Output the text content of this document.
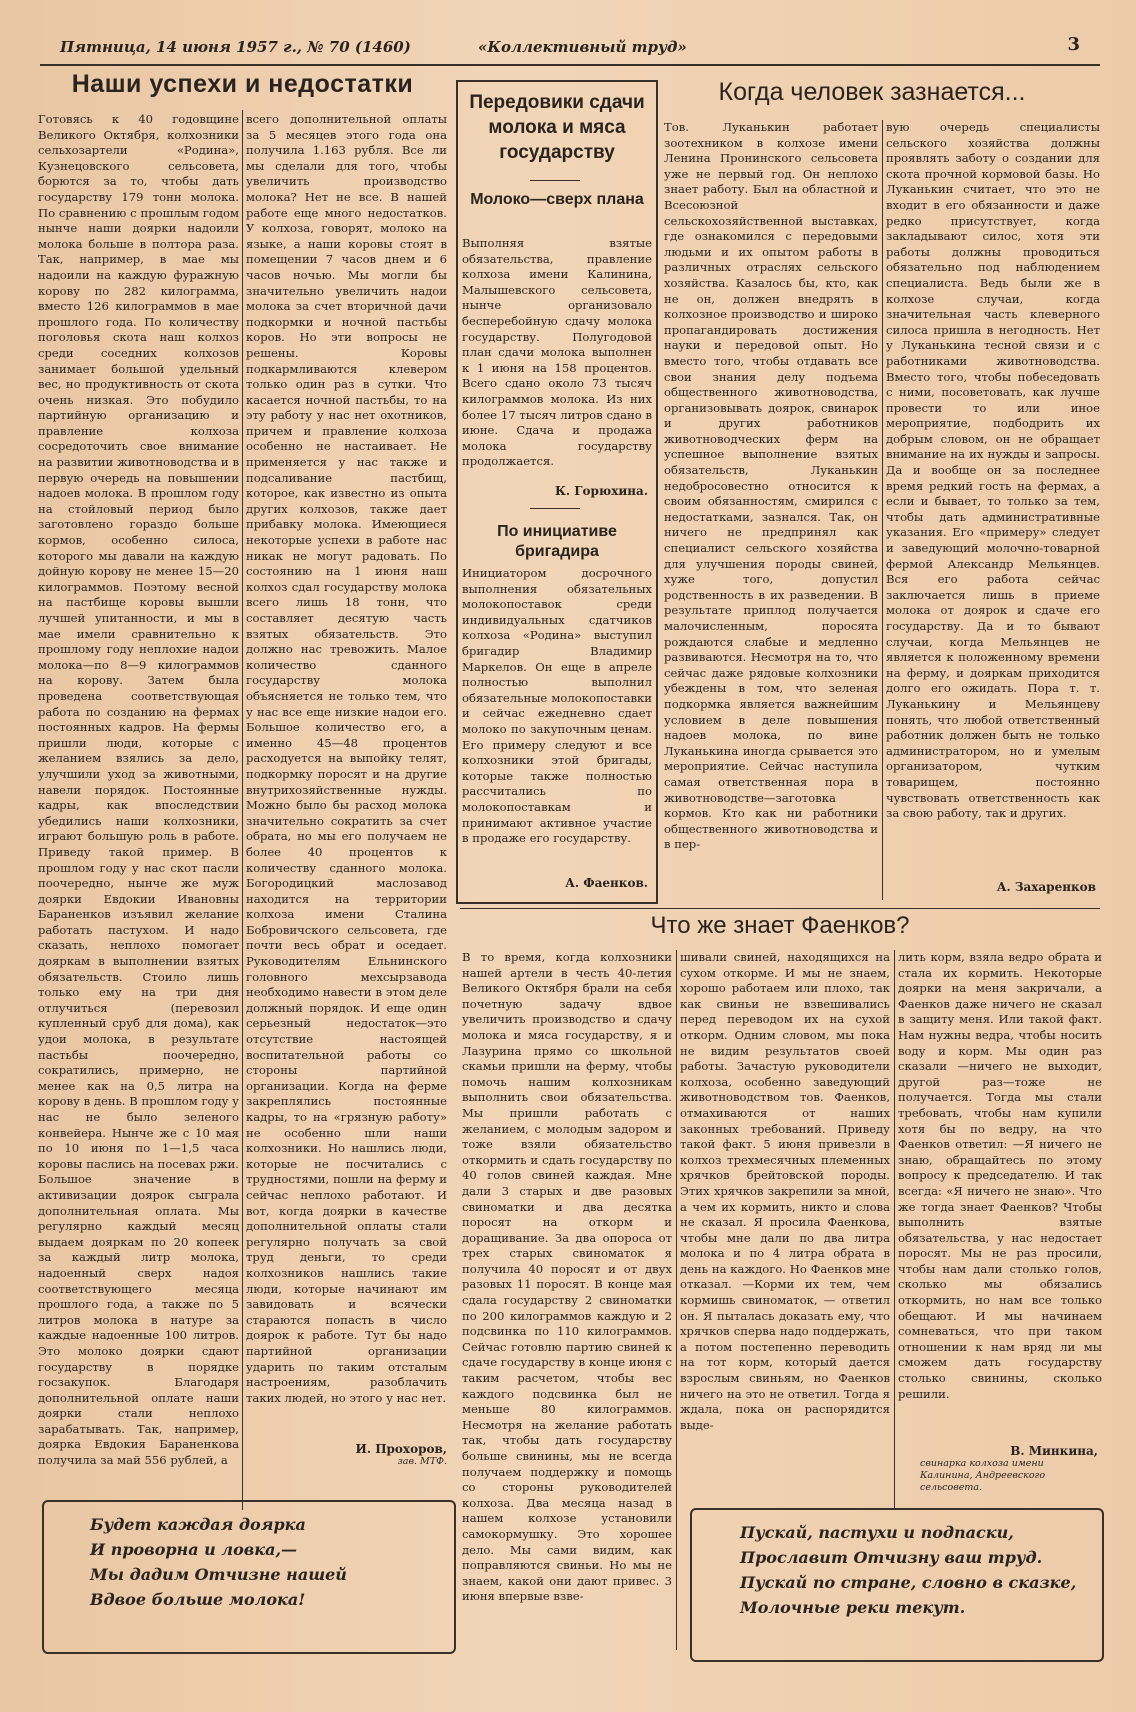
Пятница, 14 июня 1957 г., № 70 (1460)	«Коллективный труд»	3
Наши успехи и недостатки
Готовясь к 40 годовщине Великого Октября, колхозники сельхозартели «Родина», Кузнецовского сельсовета, борются за то, чтобы дать государству 179 тонн молока. По сравнению с прошлым годом нынче наши доярки надоили молока больше в полтора раза. Так, например, в мае мы надоили на каждую фуражную корову по 282 килограмма, вместо 126 килограммов в мае прошлого года. По количеству поголовья скота наш колхоз среди соседних колхозов занимает большой удельный вес, но продуктивность от скота очень низкая. Это побудило партийную организацию и правление колхоза сосредоточить свое внимание на развитии животноводства и в первую очередь на повышении надоев молока. В прошлом году на стойловый период было заготовлено гораздо больше кормов, особенно силоса, которого мы давали на каждую дойную корову не менее 15—20 килограммов. Поэтому весной на пастбище коровы вышли лучшей упитанности, и мы в мае имели сравнительно к прошлому году неплохие надои молока—по 8—9 килограммов на корову. Затем была проведена соответствующая работа по созданию на фермах постоянных кадров. На фермы пришли люди, которые с желанием взялись за дело, улучшили уход за животными, навели порядок. Постоянные кадры, как впоследствии убедились наши колхозники, играют большую роль в работе. Приведу такой пример. В прошлом году у нас скот пасли поочередно, нынче же муж доярки Евдокии Ивановны Бараненков изъявил желание работать пастухом. И надо сказать, неплохо помогает дояркам в выполнении взятых обязательств. Стоило лишь только ему на три дня отлучиться (перевозил купленный сруб для дома), как удои молока, в результате пастьбы поочередно, сократились, примерно, не менее как на 0,5 литра на корову в день. В прошлом году у нас не было зеленого конвейера. Нынче же с 10 мая по 10 июня по 1—1,5 часа коровы паслись на посевах ржи. Большое значение в активизации доярок сыграла дополнительная оплата. Мы регулярно каждый месяц выдаем дояркам по 20 копеек за каждый литр молока, надоенный сверх надоя соответствующего месяца прошлого года, а также по 5 литров молока в натуре за каждые надоенные 100 литров. Это молоко доярки сдают государству в порядке госзакупок. Благодаря дополнительной оплате наши доярки стали неплохо зарабатывать. Так, например, доярка Евдокия Бараненкова получила за май 556 рублей, а
всего дополнительной оплаты за 5 месяцев этого года она получила 1.163 рубля. Все ли мы сделали для того, чтобы увеличить производство молока? Нет не все. В нашей работе еще много недостатков. У колхоза, говорят, молоко на языке, а наши коровы стоят в помещении 7 часов днем и 6 часов ночью. Мы могли бы значительно увеличить надои молока за счет вторичной дачи подкормки и ночной пастьбы коров. Но эти вопросы не решены. Коровы подкармливаются клевером только один раз в сутки. Что касается ночной пастьбы, то на эту работу у нас нет охотников, причем и правление колхоза особенно не настаивает. Не применяется у нас также и подсаливание пастбищ, которое, как известно из опыта других колхозов, также дает прибавку молока. Имеющиеся некоторые успехи в работе нас никак не могут радовать. По состоянию на 1 июня наш колхоз сдал государству молока всего лишь 18 тонн, что составляет десятую часть взятых обязательств. Это должно нас тревожить. Малое количество сданного государству молока объясняется не только тем, что у нас все еще низкие надои его. Большое количество его, а именно 45—48 процентов расходуется на выпойку телят, подкормку поросят и на другие внутрихозяйственные нужды. Можно было бы расход молока значительно сократить за счет обрата, но мы его получаем не более 40 процентов к количеству сданного молока. Богородицкий маслозавод находится на территории колхоза имени Сталина Бобровичского сельсовета, где почти весь обрат и оседает. Руководителям Ельнинского головного мехсырзавода необходимо навести в этом деле должный порядок. И еще один серьезный недостаток—это отсутствие настоящей воспитательной работы со стороны партийной организации. Когда на ферме закреплялись постоянные кадры, то на «грязную работу» не особенно шли наши колхозники. Но нашлись люди, которые не посчитались с трудностями, пошли на ферму и сейчас неплохо работают. И вот, когда доярки в качестве дополнительной оплаты стали регулярно получать за свой труд деньги, то среди колхозников нашлись такие люди, которые начинают им завидовать и всячески стараются попасть в число доярок к работе. Тут бы надо партийной организации ударить по таким отсталым настроениям, разоблачить таких людей, но этого у нас нет.
И. Прохоров,
зав. МТФ.
Передовики сдачи молока и мяса государству
Молоко—сверх плана
Выполняя взятые обязательства, правление колхоза имени Калинина, Малышевского сельсовета, нынче организовало бесперебойную сдачу молока государству. Полугодовой план сдачи молока выполнен к 1 июня на 158 процентов. Всего сдано около 73 тысяч килограммов молока. Из них более 17 тысяч литров сдано в июне. Сдача и продажа молока государству продолжается.
К. Горюхина.
По инициативе бригадира
Инициатором досрочного выполнения обязательных молокопоставок среди индивидуальных сдатчиков колхоза «Родина» выступил бригадир Владимир Маркелов. Он еще в апреле полностью выполнил обязательные молокопоставки и сейчас ежедневно сдает молоко по закупочным ценам. Его примеру следуют и все колхозники этой бригады, которые также полностью рассчитались по молокопоставкам и принимают активное участие в продаже его государству.
А. Фаенков.
Когда человек зазнается...
Тов. Луканькин работает зоотехником в колхозе имени Ленина Пронинского сельсовета уже не первый год. Он неплохо знает работу. Был на областной и Всесоюзной сельскохозяйственной выставках, где ознакомился с передовыми людьми и их опытом работы в различных отраслях сельского хозяйства. Казалось бы, кто, как не он, должен внедрять в колхозное производство и широко пропагандировать достижения науки и передовой опыт. Но вместо того, чтобы отдавать все свои знания делу подъема общественного животноводства, организовывать доярок, свинарок и других работников животноводческих ферм на успешное выполнение взятых обязательств, Луканькин недобросовестно относится к своим обязанностям, смирился с недостатками, зазнался. Так, он ничего не предпринял как специалист сельского хозяйства для улучшения породы свиней, хуже того, допустил родственность в их разведении. В результате приплод получается малочисленным, поросята рождаются слабые и медленно развиваются. Несмотря на то, что сейчас даже рядовые колхозники убеждены в том, что зеленая подкормка является важнейшим условием в деле повышения надоев молока, по вине Луканькина иногда срывается это мероприятие. Сейчас наступила самая ответственная пора в животноводстве—заготовка кормов. Кто как ни работники общественного животноводства и в пер-
вую очередь специалисты сельского хозяйства должны проявлять заботу о создании для скота прочной кормовой базы. Но Луканькин считает, что это не входит в его обязанности и даже редко присутствует, когда закладывают силос, хотя эти работы должны проводиться обязательно под наблюдением специалиста. Ведь были же в колхозе случаи, когда значительная часть клеверного силоса пришла в негодность. Нет у Луканькина тесной связи и с работниками животноводства. Вместо того, чтобы побеседовать с ними, посоветовать, как лучше провести то или иное мероприятие, подбодрить их добрым словом, он не обращает внимание на их нужды и запросы. Да и вообще он за последнее время редкий гость на фермах, а если и бывает, то только за тем, чтобы дать административные указания. Его «примеру» следует и заведующий молочно-товарной фермой Александр Мельянцев. Вся его работа сейчас заключается лишь в приеме молока от доярок и сдаче его государству. Да и то бывают случаи, когда Мельянцев не является к положенному времени на ферму, и дояркам приходится долго его ожидать. Пора т. т. Луканькину и Мельянцеву понять, что любой ответственный работник должен быть не только администратором, но и умелым организатором, чутким товарищем, постоянно чувствовать ответственность как за свою работу, так и других.
А. Захаренков
Что же знает Фаенков?
В то время, когда колхозники нашей артели в честь 40-летия Великого Октября брали на себя почетную задачу вдвое увеличить производство и сдачу молока и мяса государству, я и Лазурина прямо со школьной скамьи пришли на ферму, чтобы помочь нашим колхозникам выполнить свои обязательства. Мы пришли работать с желанием, с молодым задором и тоже взяли обязательство откормить и сдать государству по 40 голов свиней каждая. Мне дали 3 старых и две разовых свиноматки и два десятка поросят на откорм и доращивание. За два опороса от трех старых свиноматок я получила 40 поросят и от двух разовых 11 поросят. В конце мая сдала государству 2 свиноматки по 200 килограммов каждую и 2 подсвинка по 110 килограммов. Сейчас готовлю партию свиней к сдаче государству в конце июня с таким расчетом, чтобы вес каждого подсвинка был не меньше 80 килограммов. Несмотря на желание работать так, чтобы дать государству больше свинины, мы не всегда получаем поддержку и помощь со стороны руководителей колхоза. Два месяца назад в нашем колхозе установили самокормушку. Это хорошее дело. Мы сами видим, как поправляются свиньи. Но мы не знаем, какой они дают привес. 3 июня впервые взве-
шивали свиней, находящихся на сухом откорме. И мы не знаем, хорошо работаем или плохо, так как свиньи не взвешивались перед переводом их на сухой откорм. Одним словом, мы пока не видим результатов своей работы. Зачастую руководители колхоза, особенно заведующий животноводством тов. Фаенков, отмахиваются от наших законных требований. Приведу такой факт. 5 июня привезли в колхоз трехмесячных племенных хрячков брейтовской породы. Этих хрячков закрепили за мной, а чем их кормить, никто и слова не сказал. Я просила Фаенкова, чтобы мне дали по два литра молока и по 4 литра обрата в день на каждого. Но Фаенков мне отказал. —Корми их тем, чем кормишь свиноматок, — ответил он. Я пыталась доказать ему, что хрячков сперва надо поддержать, а потом постепенно переводить на тот корм, который дается взрослым свиньям, но Фаенков ничего на это не ответил. Тогда я ждала, пока он распорядится выде-
лить корм, взяла ведро обрата и стала их кормить. Некоторые доярки на меня закричали, а Фаенков даже ничего не сказал в защиту меня. Или такой факт. Нам нужны ведра, чтобы носить воду и корм. Мы один раз сказали —ничего не выходит, другой раз—тоже не получается. Тогда мы стали требовать, чтобы нам купили хотя бы по ведру, на что Фаенков ответил: —Я ничего не знаю, обращайтесь по этому вопросу к председателю. И так всегда: «Я ничего не знаю». Что же тогда знает Фаенков? Чтобы выполнить взятые обязательства, у нас недостает поросят. Мы не раз просили, чтобы нам дали столько голов, сколько мы обязались откормить, но нам все только обещают. И мы начинаем сомневаться, что при таком отношении к нам вряд ли мы сможем дать государству столько свинины, сколько решили.
В. Минкина,
свинарка колхоза имени Калинина, Андреевского сельсовета.
Будет каждая доярка
И проворна и ловка,—
Мы дадим Отчизне нашей
Вдвое больше молока!
Пускай, пастухи и подпаски,
Прославит Отчизну ваш труд.
Пускай по стране, словно в сказке,
Молочные реки текут.
